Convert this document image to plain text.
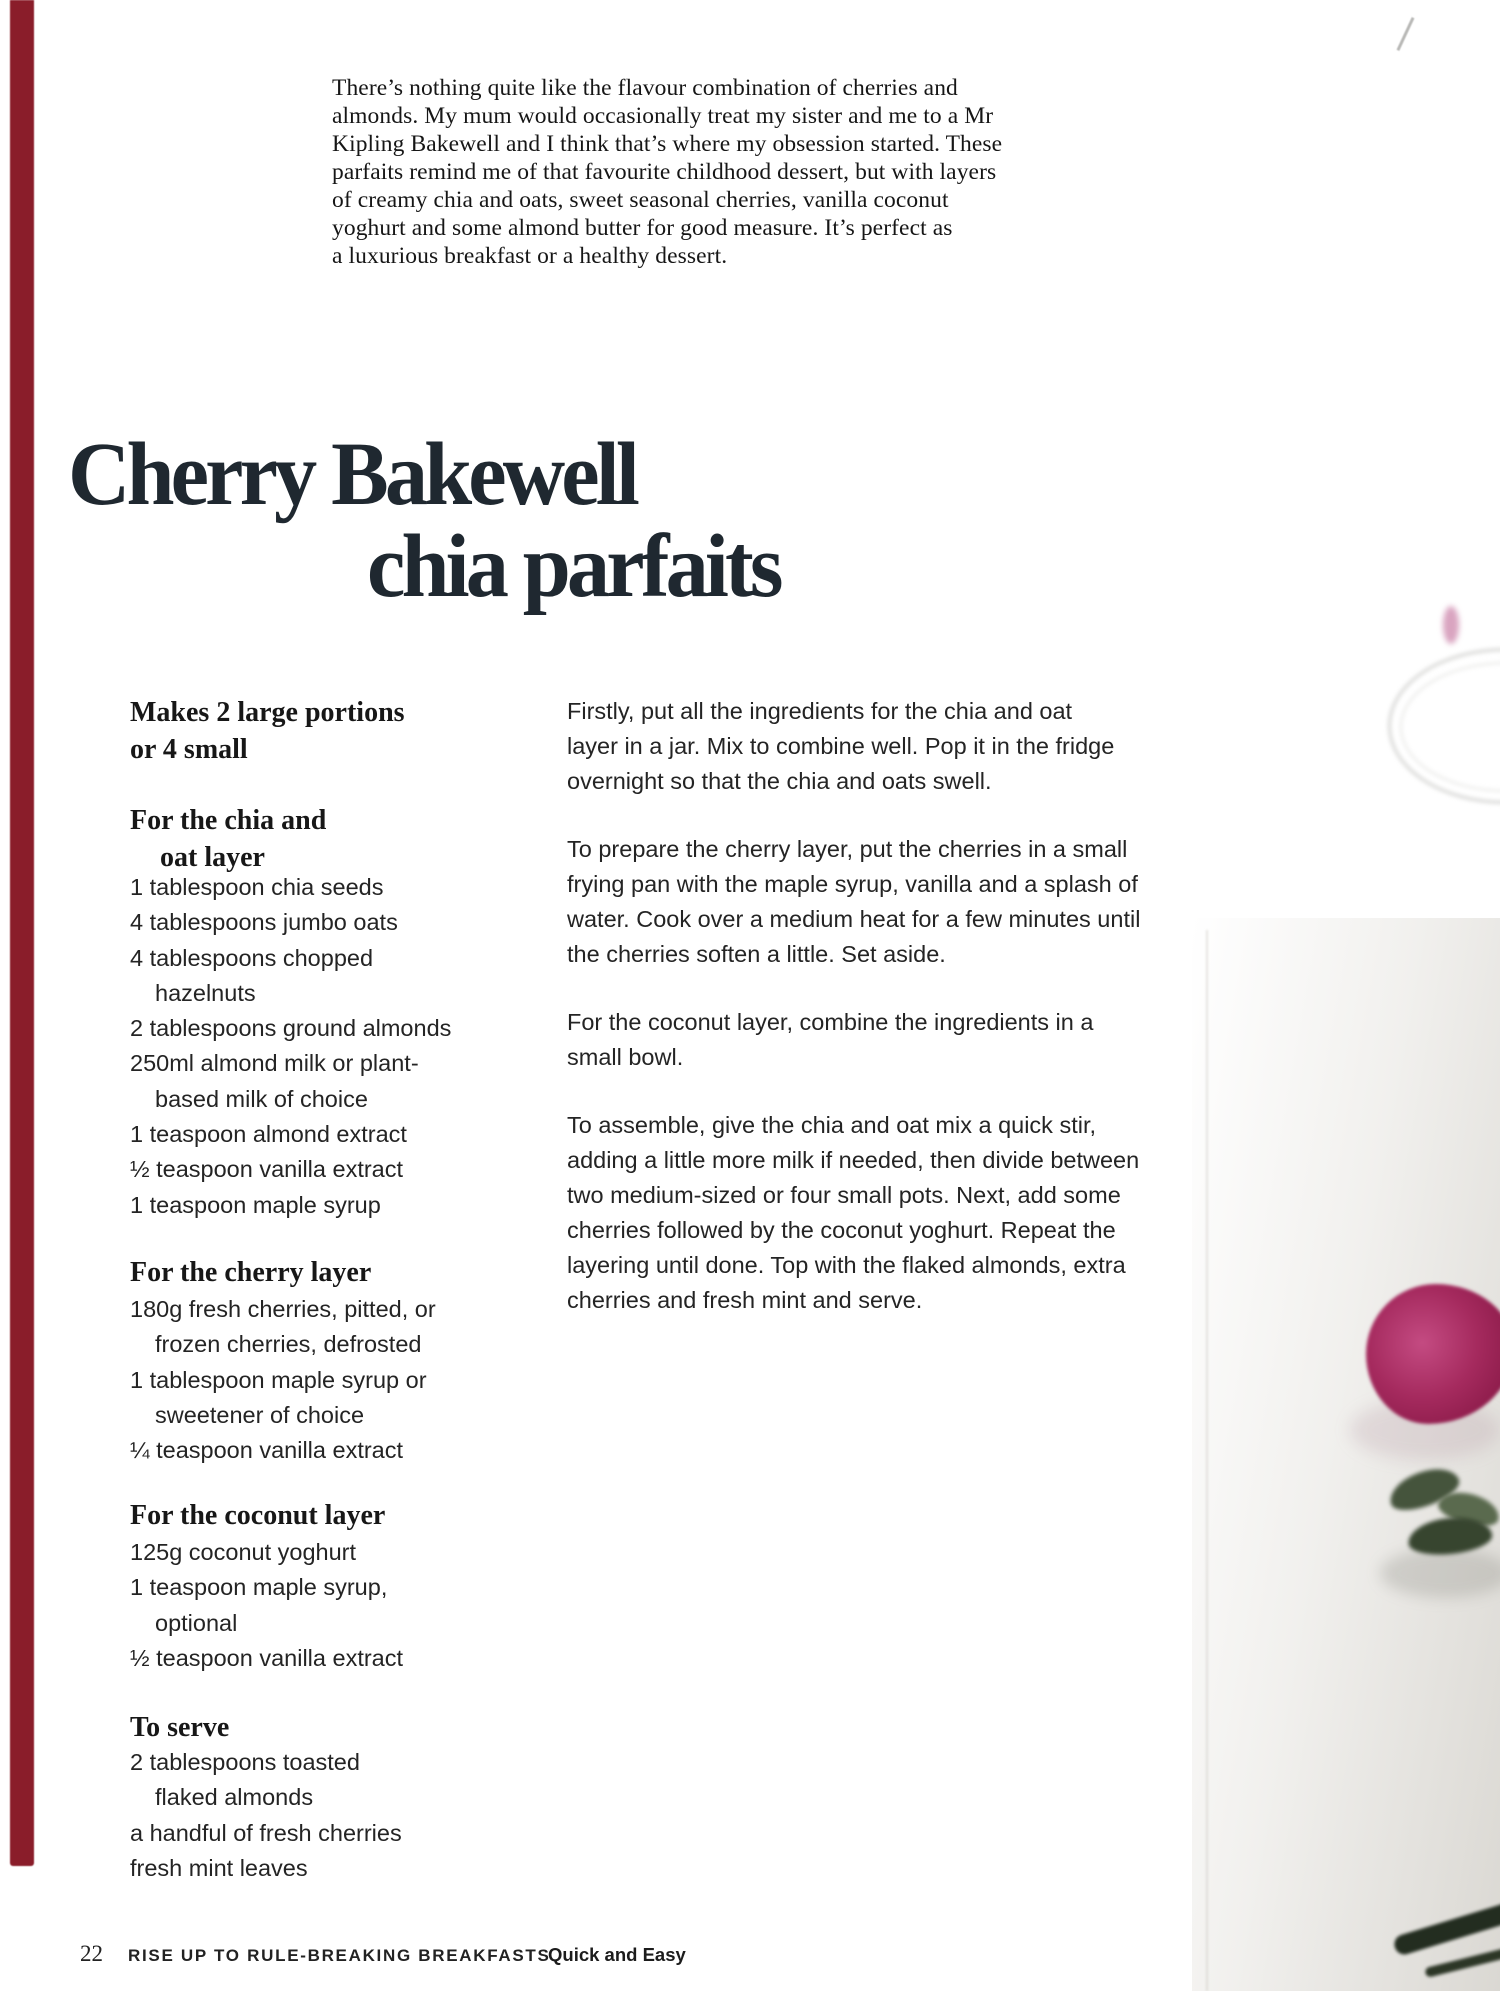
There’s nothing quite like the flavour combination of cherries and
almonds. My mum would occasionally treat my sister and me to a Mr
Kipling Bakewell and I think that’s where my obsession started. These
parfaits remind me of that favourite childhood dessert, but with layers
of creamy chia and oats, sweet seasonal cherries, vanilla coconut
yoghurt and some almond butter for good measure. It’s perfect as
a luxurious breakfast or a healthy dessert.
Cherry Bakewell
chia parfaits
Makes 2 large portions
or 4 small
For the chia and
oat layer
1 tablespoon chia seeds
4 tablespoons jumbo oats
4 tablespoons chopped
hazelnuts
2 tablespoons ground almonds
250ml almond milk or plant-
based milk of choice
1 teaspoon almond extract
½ teaspoon vanilla extract
1 teaspoon maple syrup
For the cherry layer
180g fresh cherries, pitted, or
frozen cherries, defrosted
1 tablespoon maple syrup or
sweetener of choice
¼ teaspoon vanilla extract
For the coconut layer
125g coconut yoghurt
1 teaspoon maple syrup,
optional
½ teaspoon vanilla extract
To serve
2 tablespoons toasted
flaked almonds
a handful of fresh cherries
fresh mint leaves
Firstly, put all the ingredients for the chia and oat
layer in a jar. Mix to combine well. Pop it in the fridge
overnight so that the chia and oats swell.
To prepare the cherry layer, put the cherries in a small
frying pan with the maple syrup, vanilla and a splash of
water. Cook over a medium heat for a few minutes until
the cherries soften a little. Set aside.
For the coconut layer, combine the ingredients in a
small bowl.
To assemble, give the chia and oat mix a quick stir,
adding a little more milk if needed, then divide between
two medium-sized or four small pots. Next, add some
cherries followed by the coconut yoghurt. Repeat the
layering until done. Top with the flaked almonds, extra
cherries and fresh mint and serve.
22 RISE UP TO RULE-BREAKING BREAKFASTS
Quick and Easy
